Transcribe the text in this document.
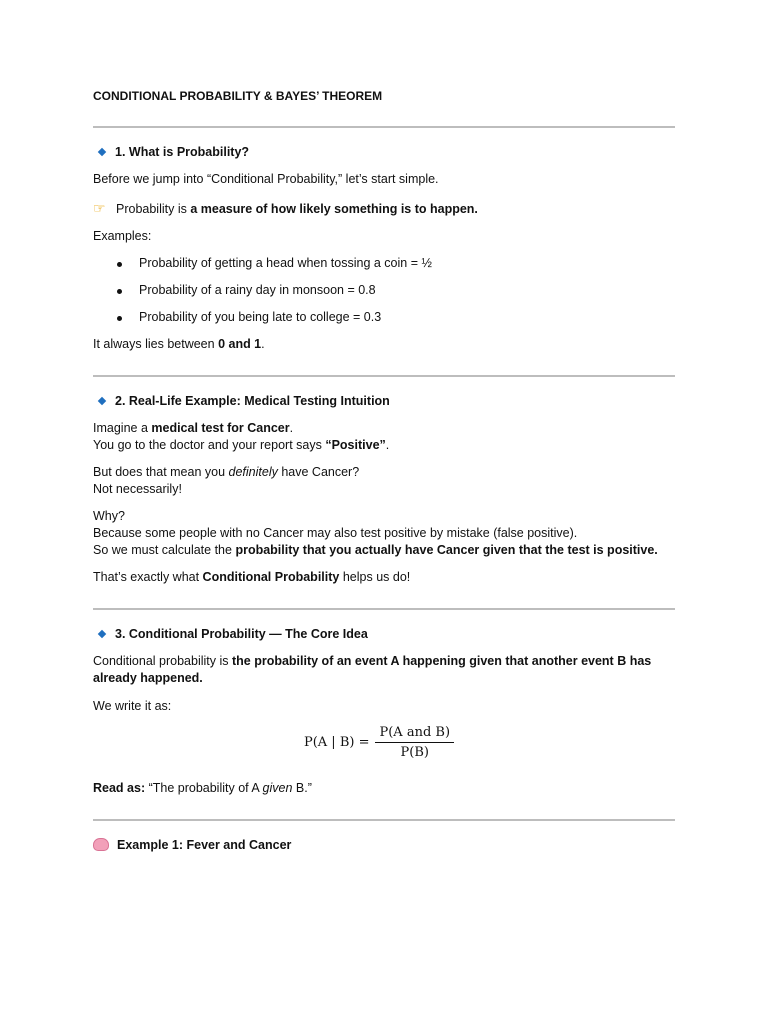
CONDITIONAL PROBABILITY & BAYES’ THEOREM

1. What is Probability?

Before we jump into “Conditional Probability,” let’s start simple.

☞ Probability is a measure of how likely something is to happen.

Examples:

Probability of getting a head when tossing a coin = ½
Probability of a rainy day in monsoon = 0.8
Probability of you being late to college = 0.3

It always lies between 0 and 1.

2. Real-Life Example: Medical Testing Intuition

Imagine a medical test for Cancer.
You go to the doctor and your report says “Positive”.

But does that mean you definitely have Cancer?
Not necessarily!

Why?
Because some people with no Cancer may also test positive by mistake (false positive).
So we must calculate the probability that you actually have Cancer given that the test is positive.

That’s exactly what Conditional Probability helps us do!

3. Conditional Probability — The Core Idea

Conditional probability is the probability of an event A happening given that another event B has already happened.

We write it as:

P(A | $B) = \frac{\text{P(A and B)}}{P(B)}$

Read as: “The probability of A given B.”

Example 1: Fever and Cancer
